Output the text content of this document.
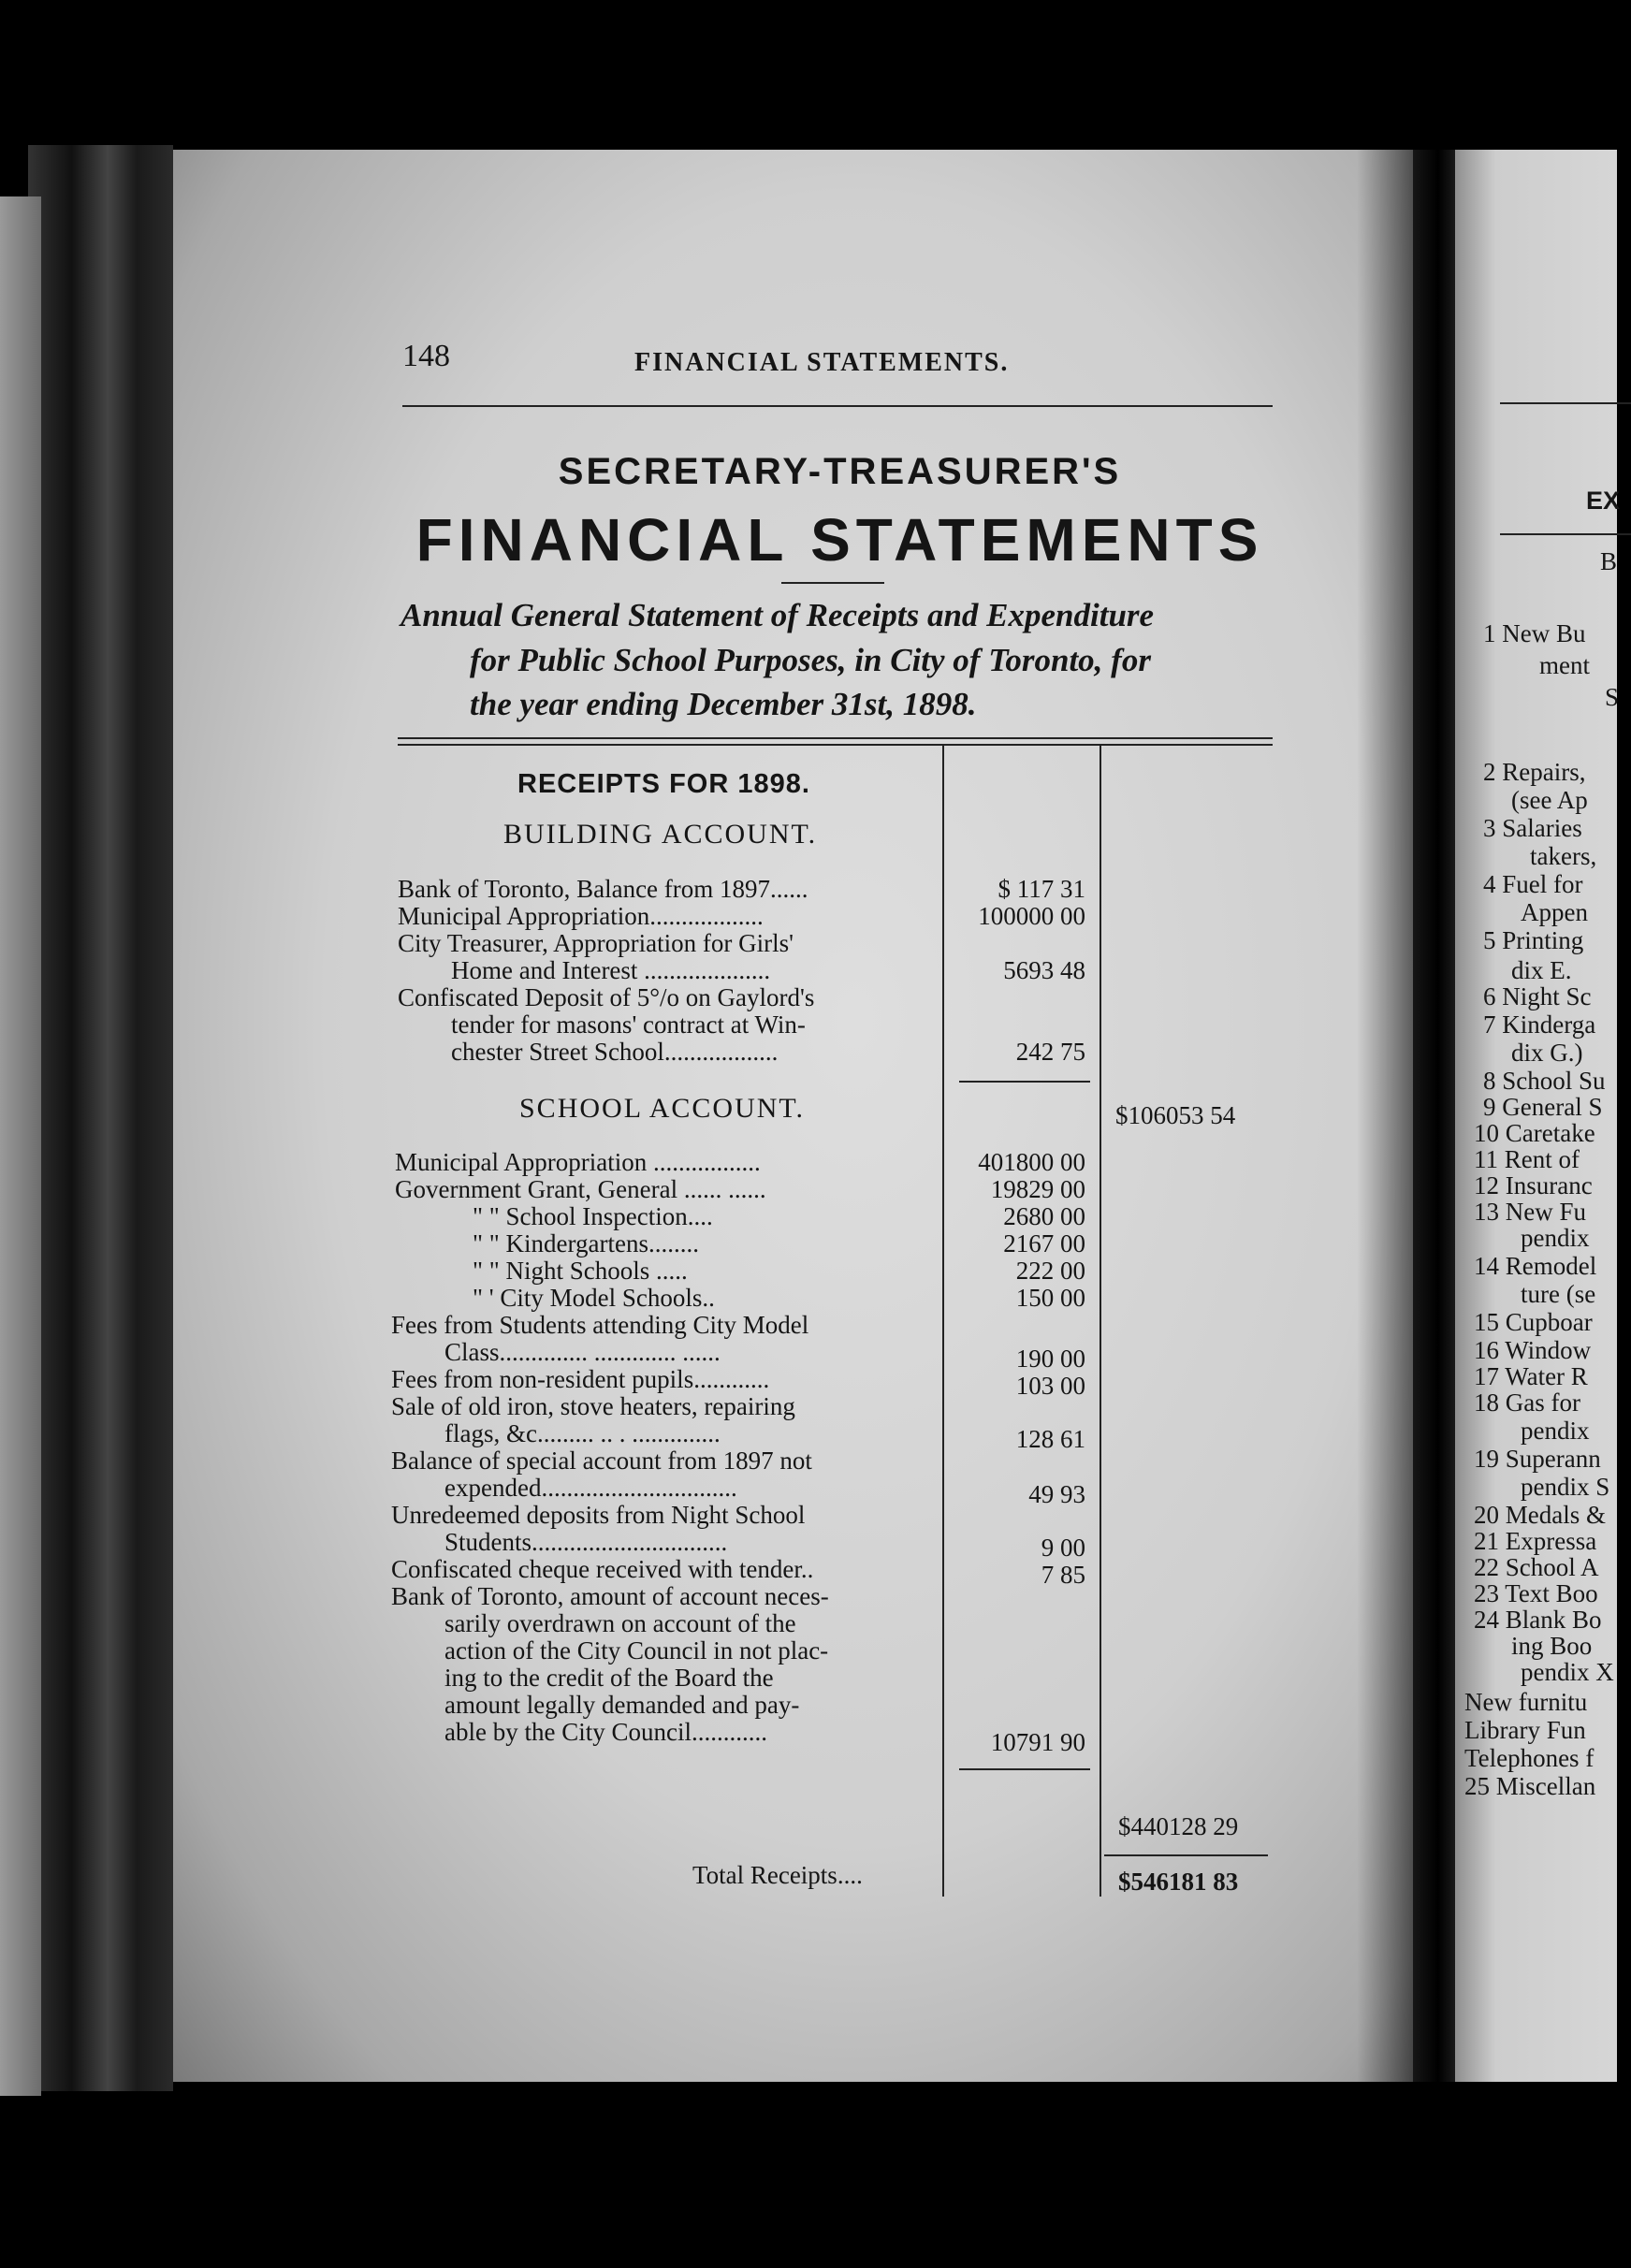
EX
B
1 New Bu
ment
S
2 Repairs,
(see Ap
3 Salaries
takers,
4 Fuel for
Appen
5 Printing
dix E.
6 Night Sc
7 Kinderga
dix G.)
8 School Su
9 General S
10 Caretake
11 Rent of
12 Insuranc
13 New Fu
pendix
14 Remodel
ture (se
15 Cupboar
16 Window
17 Water R
18 Gas for
pendix
19 Superann
pendix S
20 Medals &
21 Expressa
22 School A
23 Text Boo
24 Blank Bo
ing Boo
pendix X
New furnitu
Library Fun
Telephones f
25 Miscellan
148	FINANCIAL STATEMENTS.
SECRETARY-TREASURER'S
FINANCIAL STATEMENTS
Annual General Statement of Receipts and Expenditure
for Public School Purposes, in City of Toronto, for
the year ending December 31st, 1898.
RECEIPTS FOR 1898.
BUILDING ACCOUNT.
Bank of Toronto, Balance from 1897......
Municipal Appropriation..................
City Treasurer, Appropriation for Girls'
Home and Interest ....................
Confiscated Deposit of 5°/o on Gaylord's
tender for masons' contract at Win-
chester Street School..................
$ 117 31
100000 00
5693 48
242 75
$106053 54
SCHOOL ACCOUNT.
Municipal Appropriation .................
Government Grant, General ...... ......
" " School Inspection....
" " Kindergartens........
" " Night Schools .....
" ' City Model Schools..
Fees from Students attending City Model
Class.............. ............. ......
Fees from non-resident pupils............
Sale of old iron, stove heaters, repairing
flags, &c......... .. . ..............
Balance of special account from 1897 not
expended...............................
Unredeemed deposits from Night School
Students...............................
Confiscated cheque received with tender..
Bank of Toronto, amount of account neces-
sarily overdrawn on account of the
action of the City Council in not plac-
ing to the credit of the Board the
amount legally demanded and pay-
able by the City Council............
401800 00
19829 00
2680 00
2167 00
222 00
150 00
190 00
103 00
128 61
49 93
9 00
7 85
10791 90
$440128 29
Total Receipts....	$546181 83
